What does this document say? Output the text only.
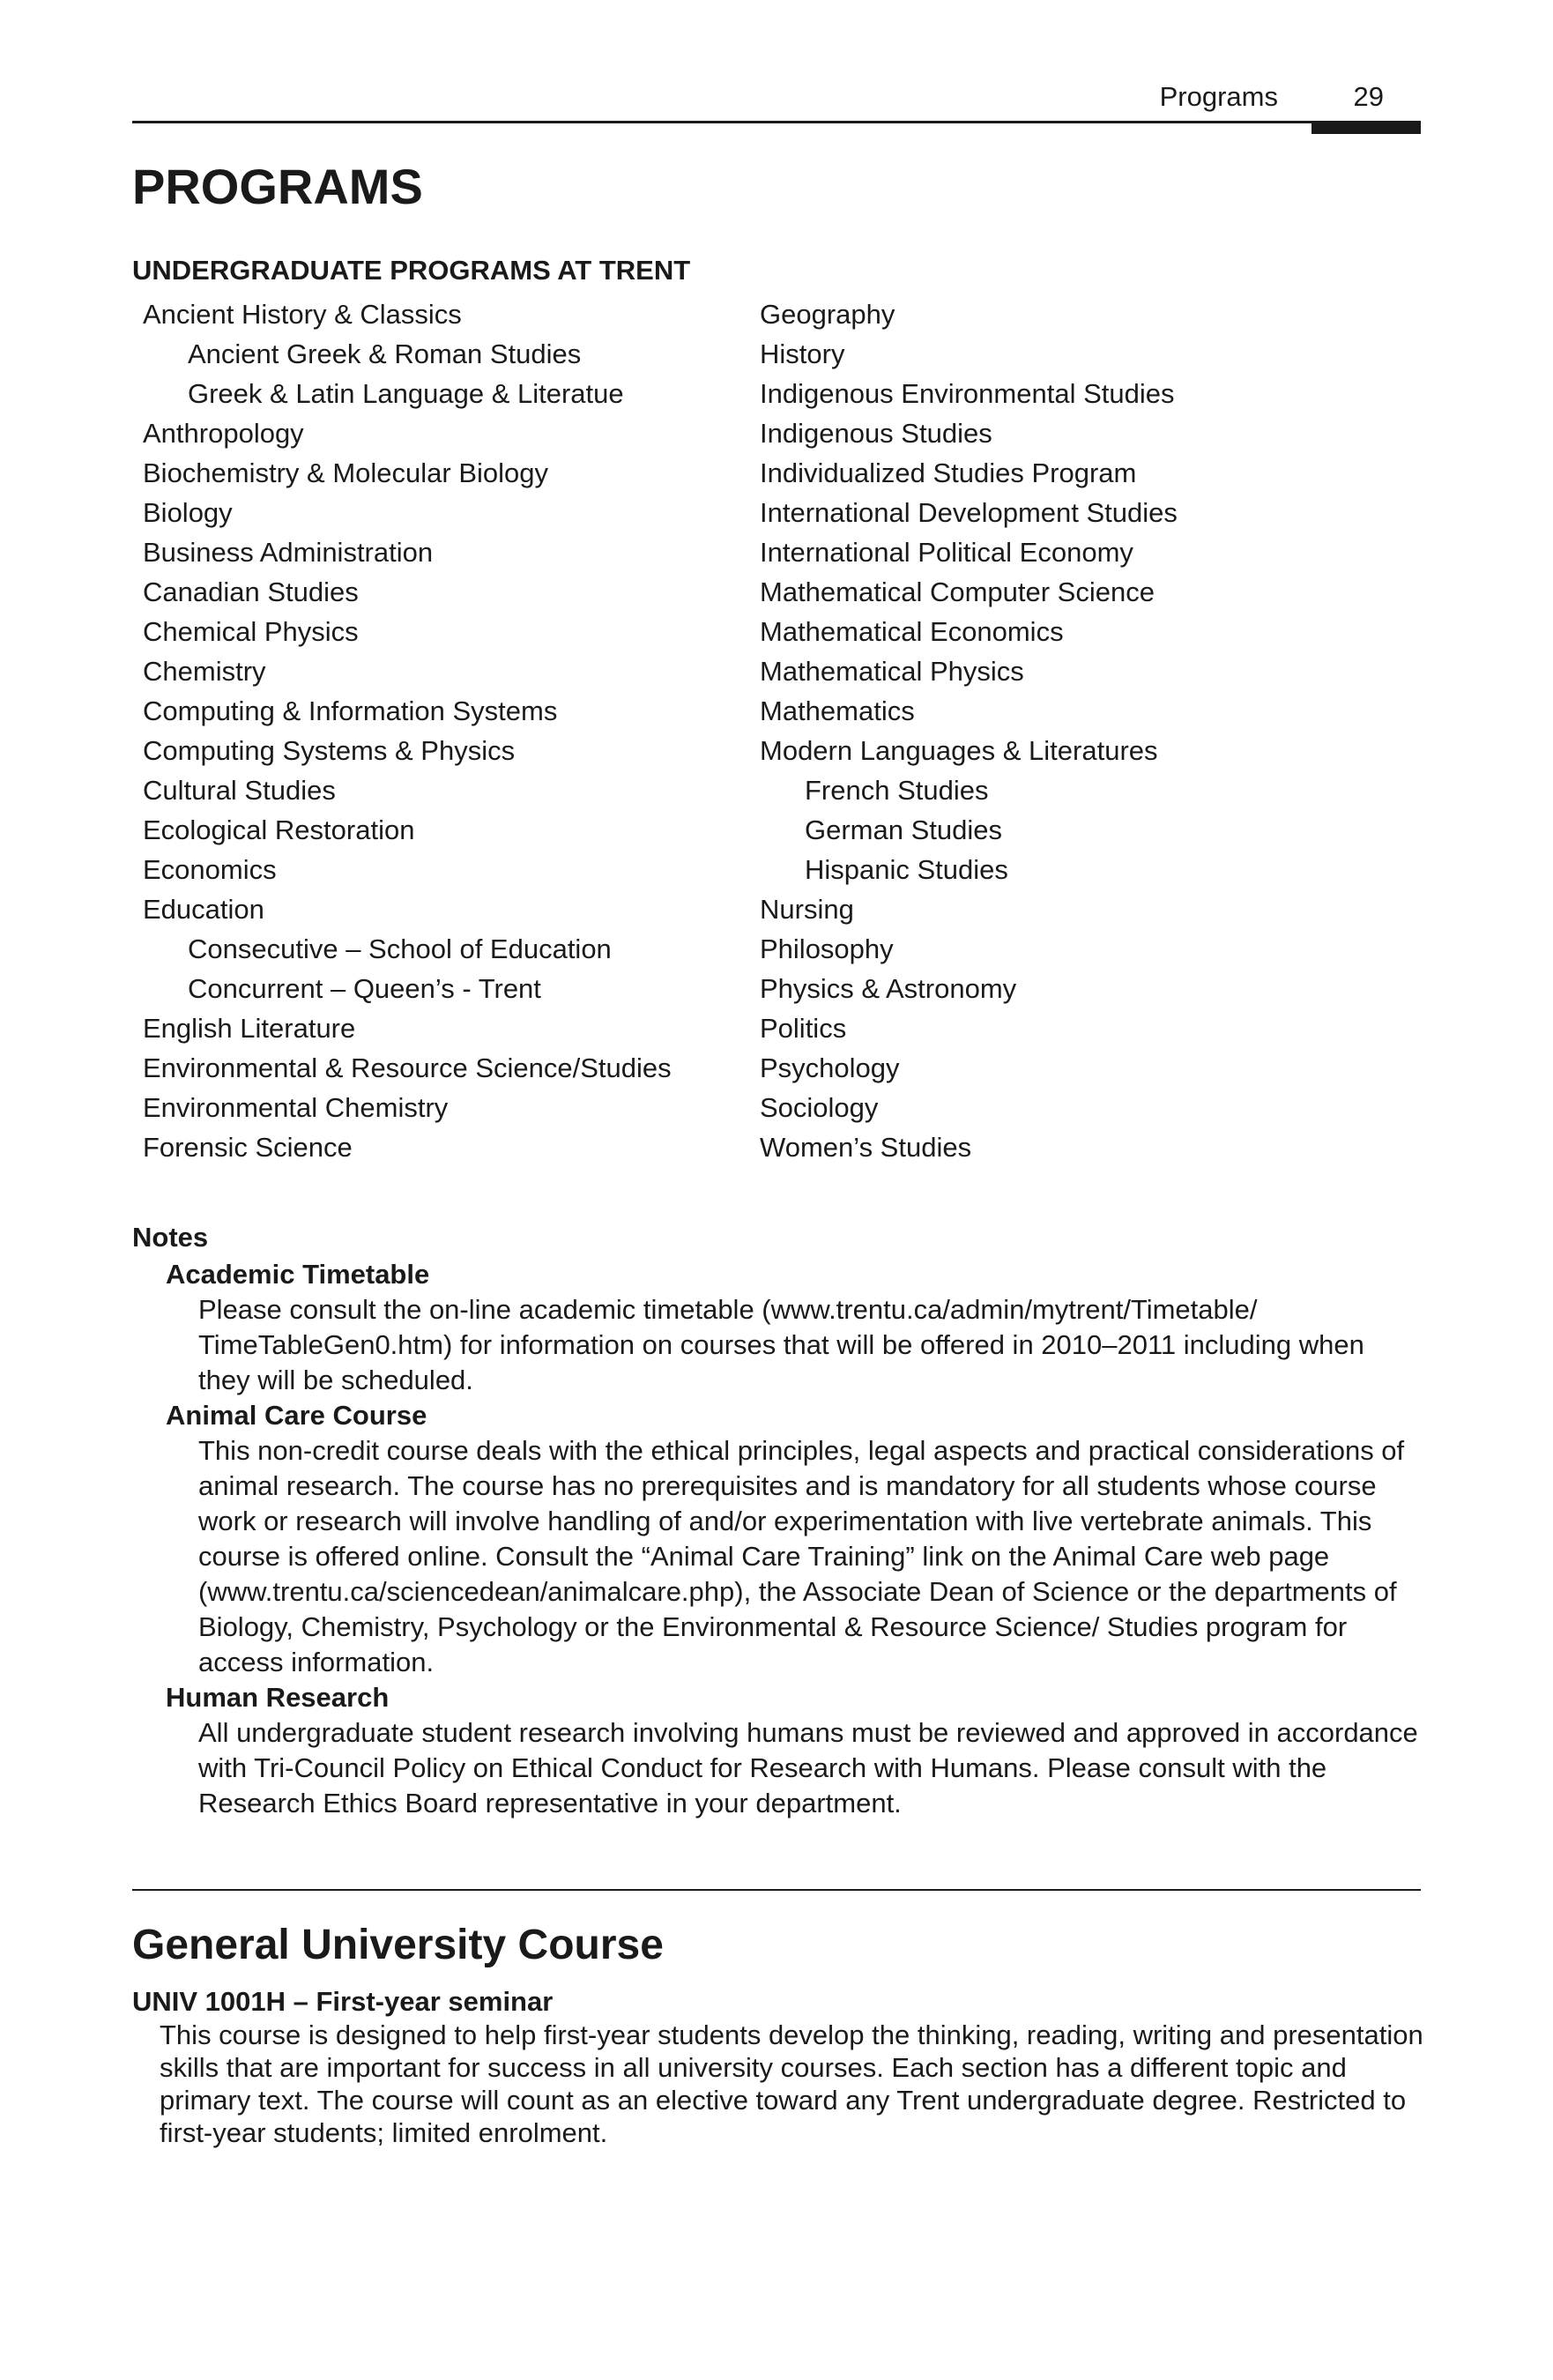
Programs	29
PROGRAMS
UNDERGRADUATE PROGRAMS AT TRENT
Ancient History & Classics
Ancient Greek & Roman Studies
Greek & Latin Language & Literatue
Anthropology
Biochemistry & Molecular Biology
Biology
Business Administration
Canadian Studies
Chemical Physics
Chemistry
Computing & Information Systems
Computing Systems & Physics
Cultural Studies
Ecological Restoration
Economics
Education
Consecutive – School of Education
Concurrent – Queen’s - Trent
English Literature
Environmental & Resource Science/Studies
Environmental Chemistry
Forensic Science
Geography
History
Indigenous Environmental Studies
Indigenous Studies
Individualized Studies Program
International Development Studies
International Political Economy
Mathematical Computer Science
Mathematical Economics
Mathematical Physics
Mathematics
Modern Languages & Literatures
French Studies
German Studies
Hispanic Studies
Nursing
Philosophy
Physics & Astronomy
Politics
Psychology
Sociology
Women’s Studies
Notes
Academic Timetable

Please consult the on-line academic timetable (www.trentu.ca/admin/mytrent/Timetable/ TimeTableGen0.htm) for information on courses that will be offered in 2010–2011 including when they will be scheduled.

Animal Care Course

This non-credit course deals with the ethical principles, legal aspects and practical considerations of animal research. The course has no prerequisites and is mandatory for all students whose course work or research will involve handling of and/or experimentation with live vertebrate animals. This course is offered online. Consult the “Animal Care Training” link on the Animal Care web page (www.trentu.ca/sciencedean/animalcare.php), the Associate Dean of Science or the departments of Biology, Chemistry, Psychology or the Environmental & Resource Science/ Studies program for access information.

Human Research

All undergraduate student research involving humans must be reviewed and approved in accordance with Tri-Council Policy on Ethical Conduct for Research with Humans. Please consult with the Research Ethics Board representative in your department.

General University Course
UNIV 1001H – First-year seminar

This course is designed to help first-year students develop the thinking, reading, writing and presentation skills that are important for success in all university courses. Each section has a different topic and primary text. The course will count as an elective toward any Trent undergraduate degree. Restricted to first-year students; limited enrolment.
